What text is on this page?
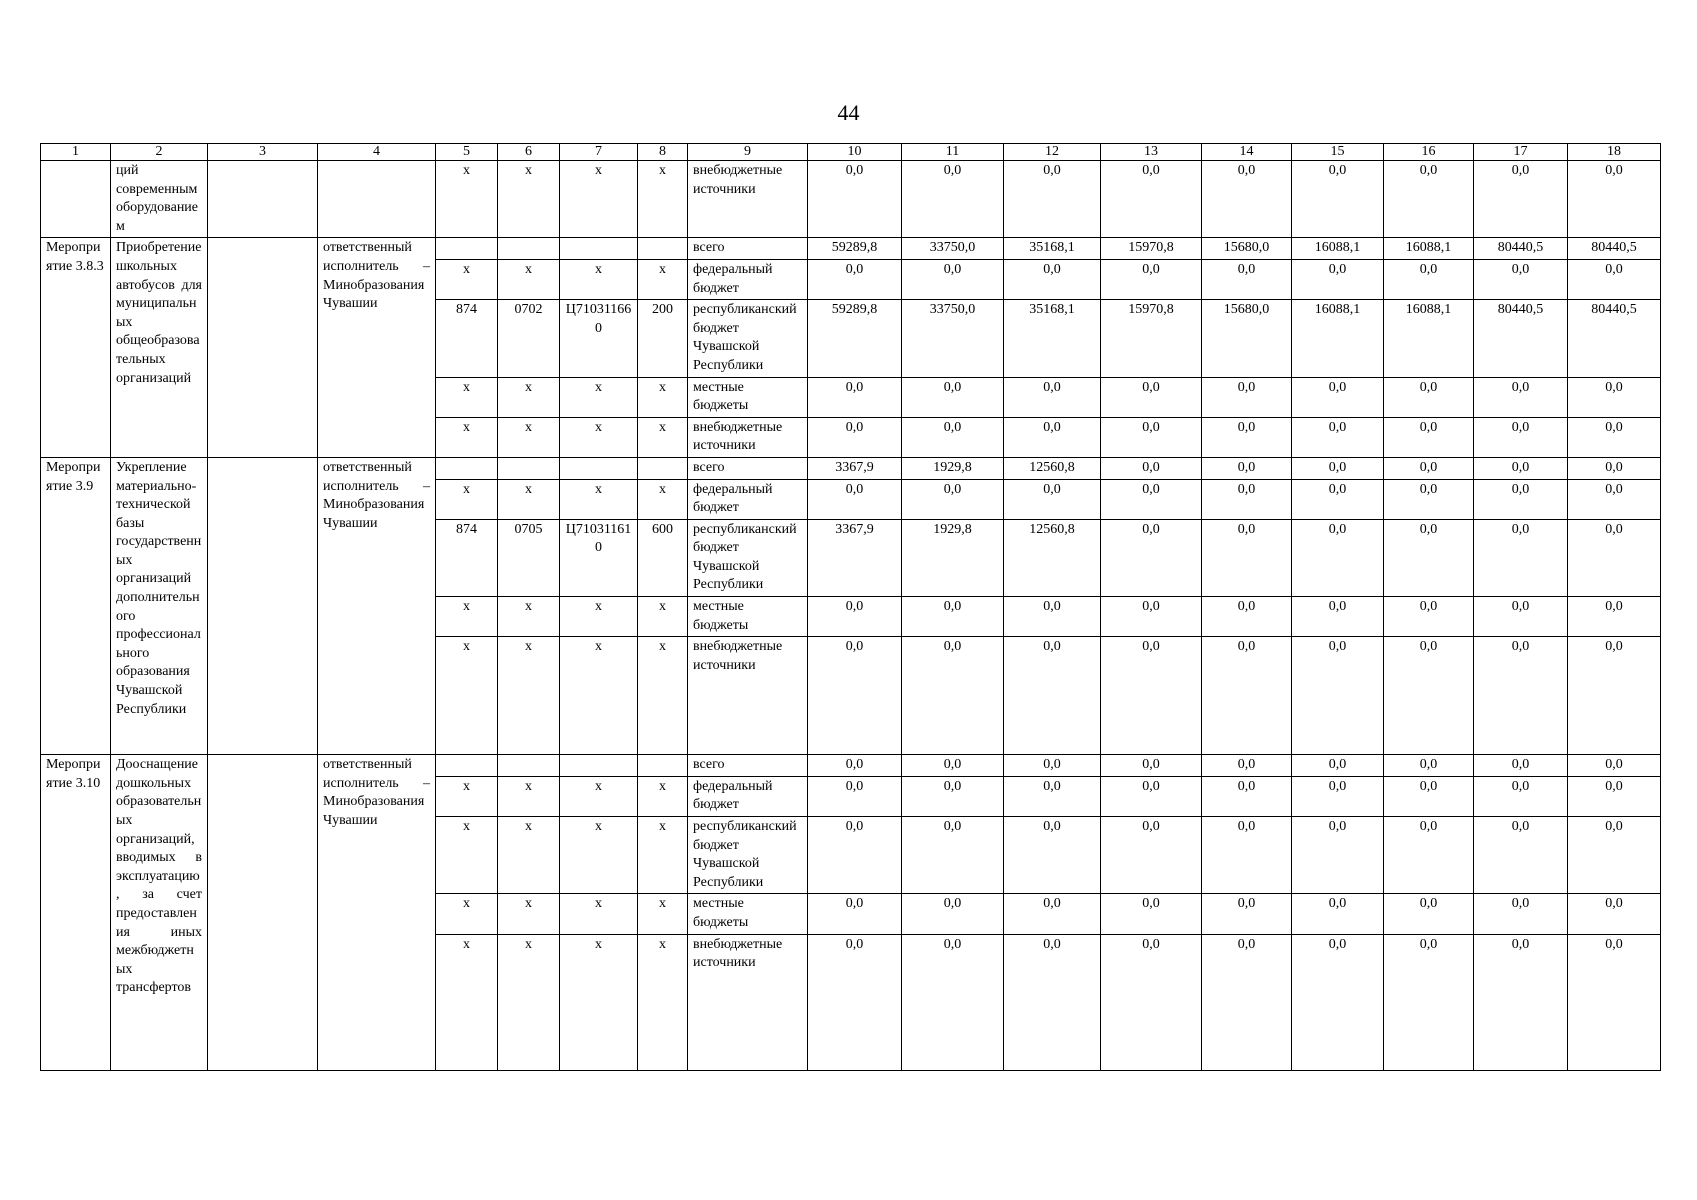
44
1	2	3	4	5	6	7	8	9	10	11	12	13	14	15	16	17	18
	ций современным оборудованием			x	x	x	x	внебюджетные источники	0,0	0,0	0,0	0,0	0,0	0,0	0,0	0,0	0,0
Мероприятие 3.8.3	Приобретение школьных автобусов для муниципальных общеобразовательных организаций		ответственный исполнитель – Минобразования Чувашии					всего	59289,8	33750,0	35168,1	15970,8	15680,0	16088,1	16088,1	80440,5	80440,5
				x	x	x	x	федеральный бюджет	0,0	0,0	0,0	0,0	0,0	0,0	0,0	0,0	0,0
				874	0702	Ц710311660	200	республиканский бюджет Чувашской Республики	59289,8	33750,0	35168,1	15970,8	15680,0	16088,1	16088,1	80440,5	80440,5
				x	x	x	x	местные бюджеты	0,0	0,0	0,0	0,0	0,0	0,0	0,0	0,0	0,0
				x	x	x	x	внебюджетные источники	0,0	0,0	0,0	0,0	0,0	0,0	0,0	0,0	0,0
Мероприятие 3.9	Укрепление материально-технической базы государственных организаций дополнительного профессионального образования Чувашской Республики		ответственный исполнитель – Минобразования Чувашии					всего	3367,9	1929,8	12560,8	0,0	0,0	0,0	0,0	0,0	0,0
				x	x	x	x	федеральный бюджет	0,0	0,0	0,0	0,0	0,0	0,0	0,0	0,0	0,0
				874	0705	Ц710311610	600	республиканский бюджет Чувашской Республики	3367,9	1929,8	12560,8	0,0	0,0	0,0	0,0	0,0	0,0
				x	x	x	x	местные бюджеты	0,0	0,0	0,0	0,0	0,0	0,0	0,0	0,0	0,0
				x	x	x	x	внебюджетные источники	0,0	0,0	0,0	0,0	0,0	0,0	0,0	0,0	0,0
Мероприятие 3.10	Дооснащение дошкольных образовательных организаций, вводимых в эксплуатацию, за счет предоставления иных межбюджетных трансфертов		ответственный исполнитель – Минобразования Чувашии					всего	0,0	0,0	0,0	0,0	0,0	0,0	0,0	0,0	0,0
				x	x	x	x	федеральный бюджет	0,0	0,0	0,0	0,0	0,0	0,0	0,0	0,0	0,0
				x	x	x	x	республиканский бюджет Чувашской Республики	0,0	0,0	0,0	0,0	0,0	0,0	0,0	0,0	0,0
				x	x	x	x	местные бюджеты	0,0	0,0	0,0	0,0	0,0	0,0	0,0	0,0	0,0
				x	x	x	x	внебюджетные источники	0,0	0,0	0,0	0,0	0,0	0,0	0,0	0,0	0,0
